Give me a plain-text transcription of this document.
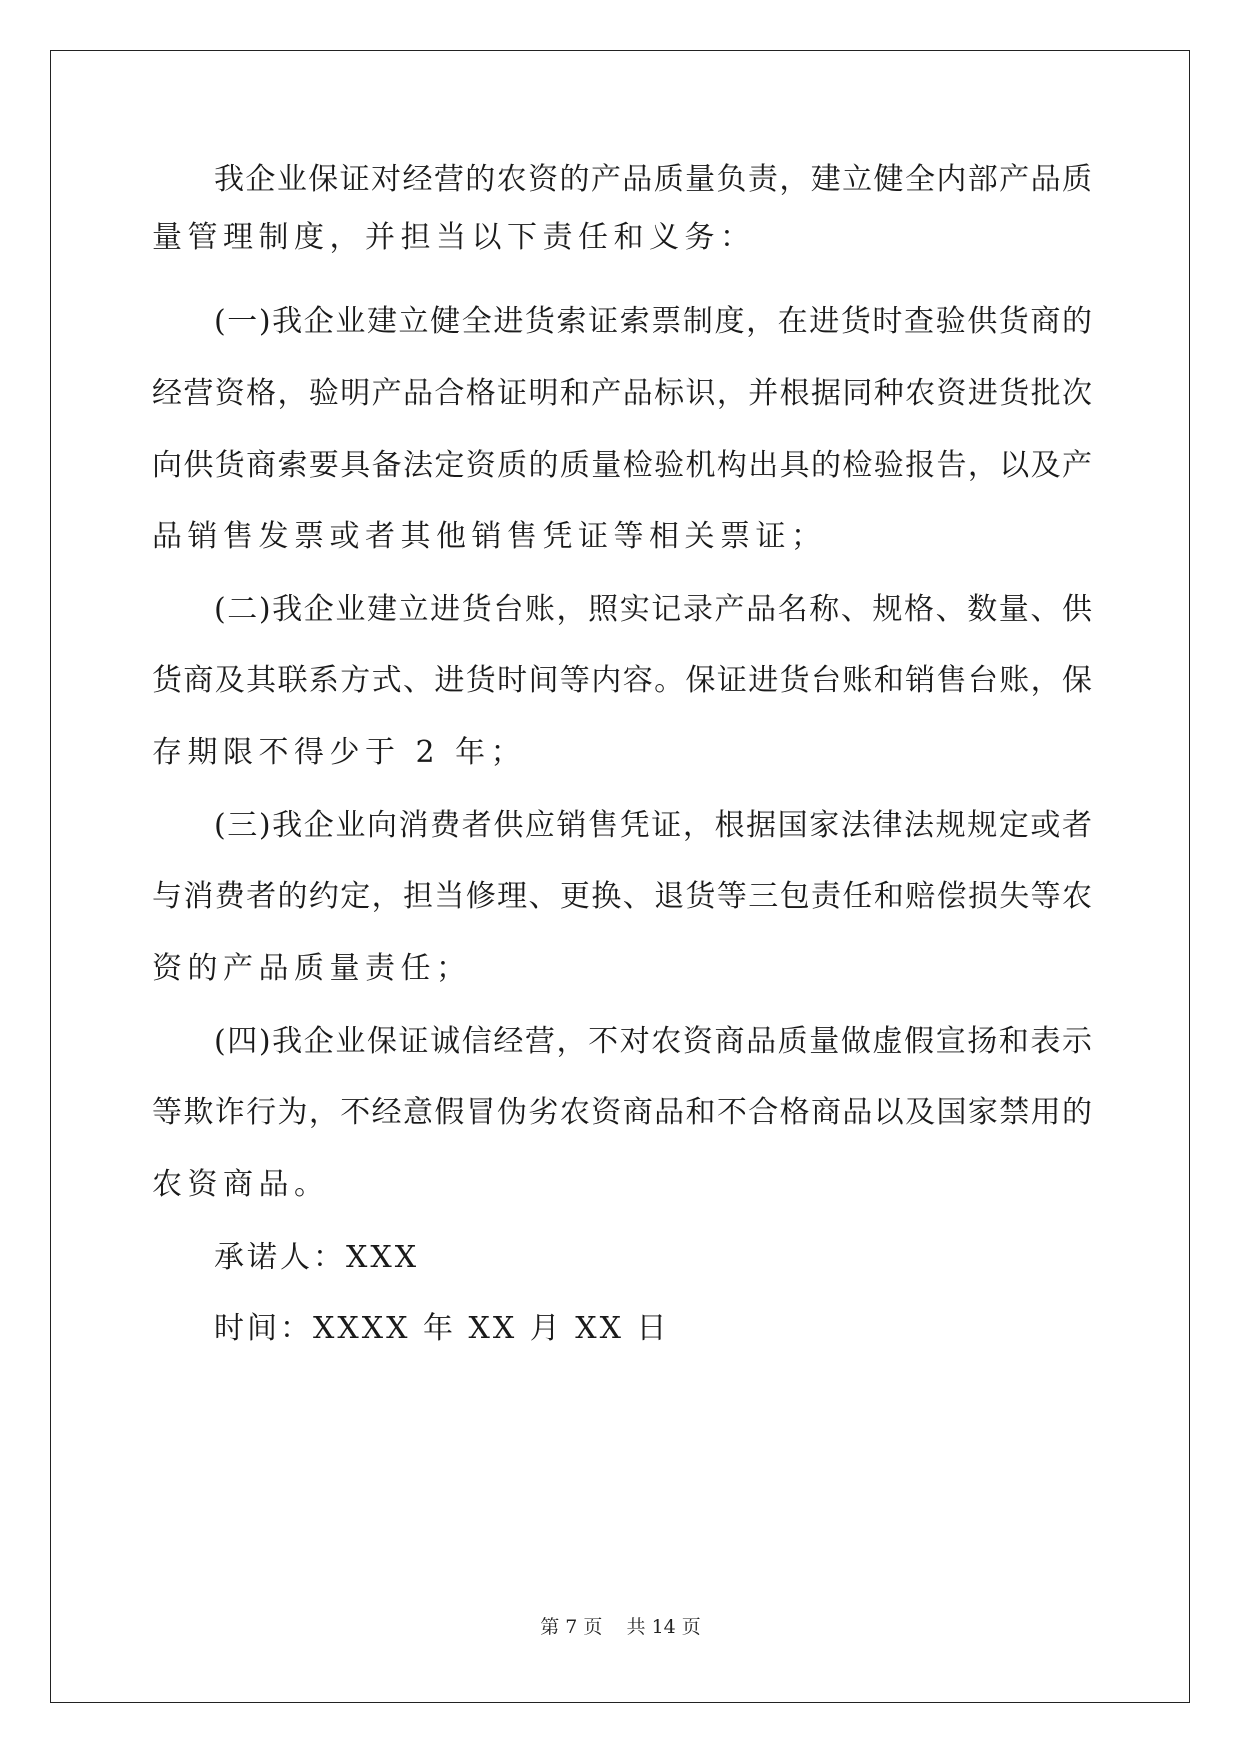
我企业保证对经营的农资的产品质量负责，建立健全内部产品质
量管理制度，并担当以下责任和义务：
(一)我企业建立健全进货索证索票制度，在进货时查验供货商的
经营资格，验明产品合格证明和产品标识，并根据同种农资进货批次
向供货商索要具备法定资质的质量检验机构出具的检验报告，以及产
品销售发票或者其他销售凭证等相关票证；
(二)我企业建立进货台账，照实记录产品名称、规格、数量、供
货商及其联系方式、进货时间等内容。保证进货台账和销售台账，保
存期限不得少于 2 年；
(三)我企业向消费者供应销售凭证，根据国家法律法规规定或者
与消费者的约定，担当修理、更换、退货等三包责任和赔偿损失等农
资的产品质量责任；
(四)我企业保证诚信经营，不对农资商品质量做虚假宣扬和表示
等欺诈行为，不经意假冒伪劣农资商品和不合格商品以及国家禁用的
农资商品。
承诺人：XXX
时间：XXXX 年 XX 月 XX 日
第 7 页    共 14 页
